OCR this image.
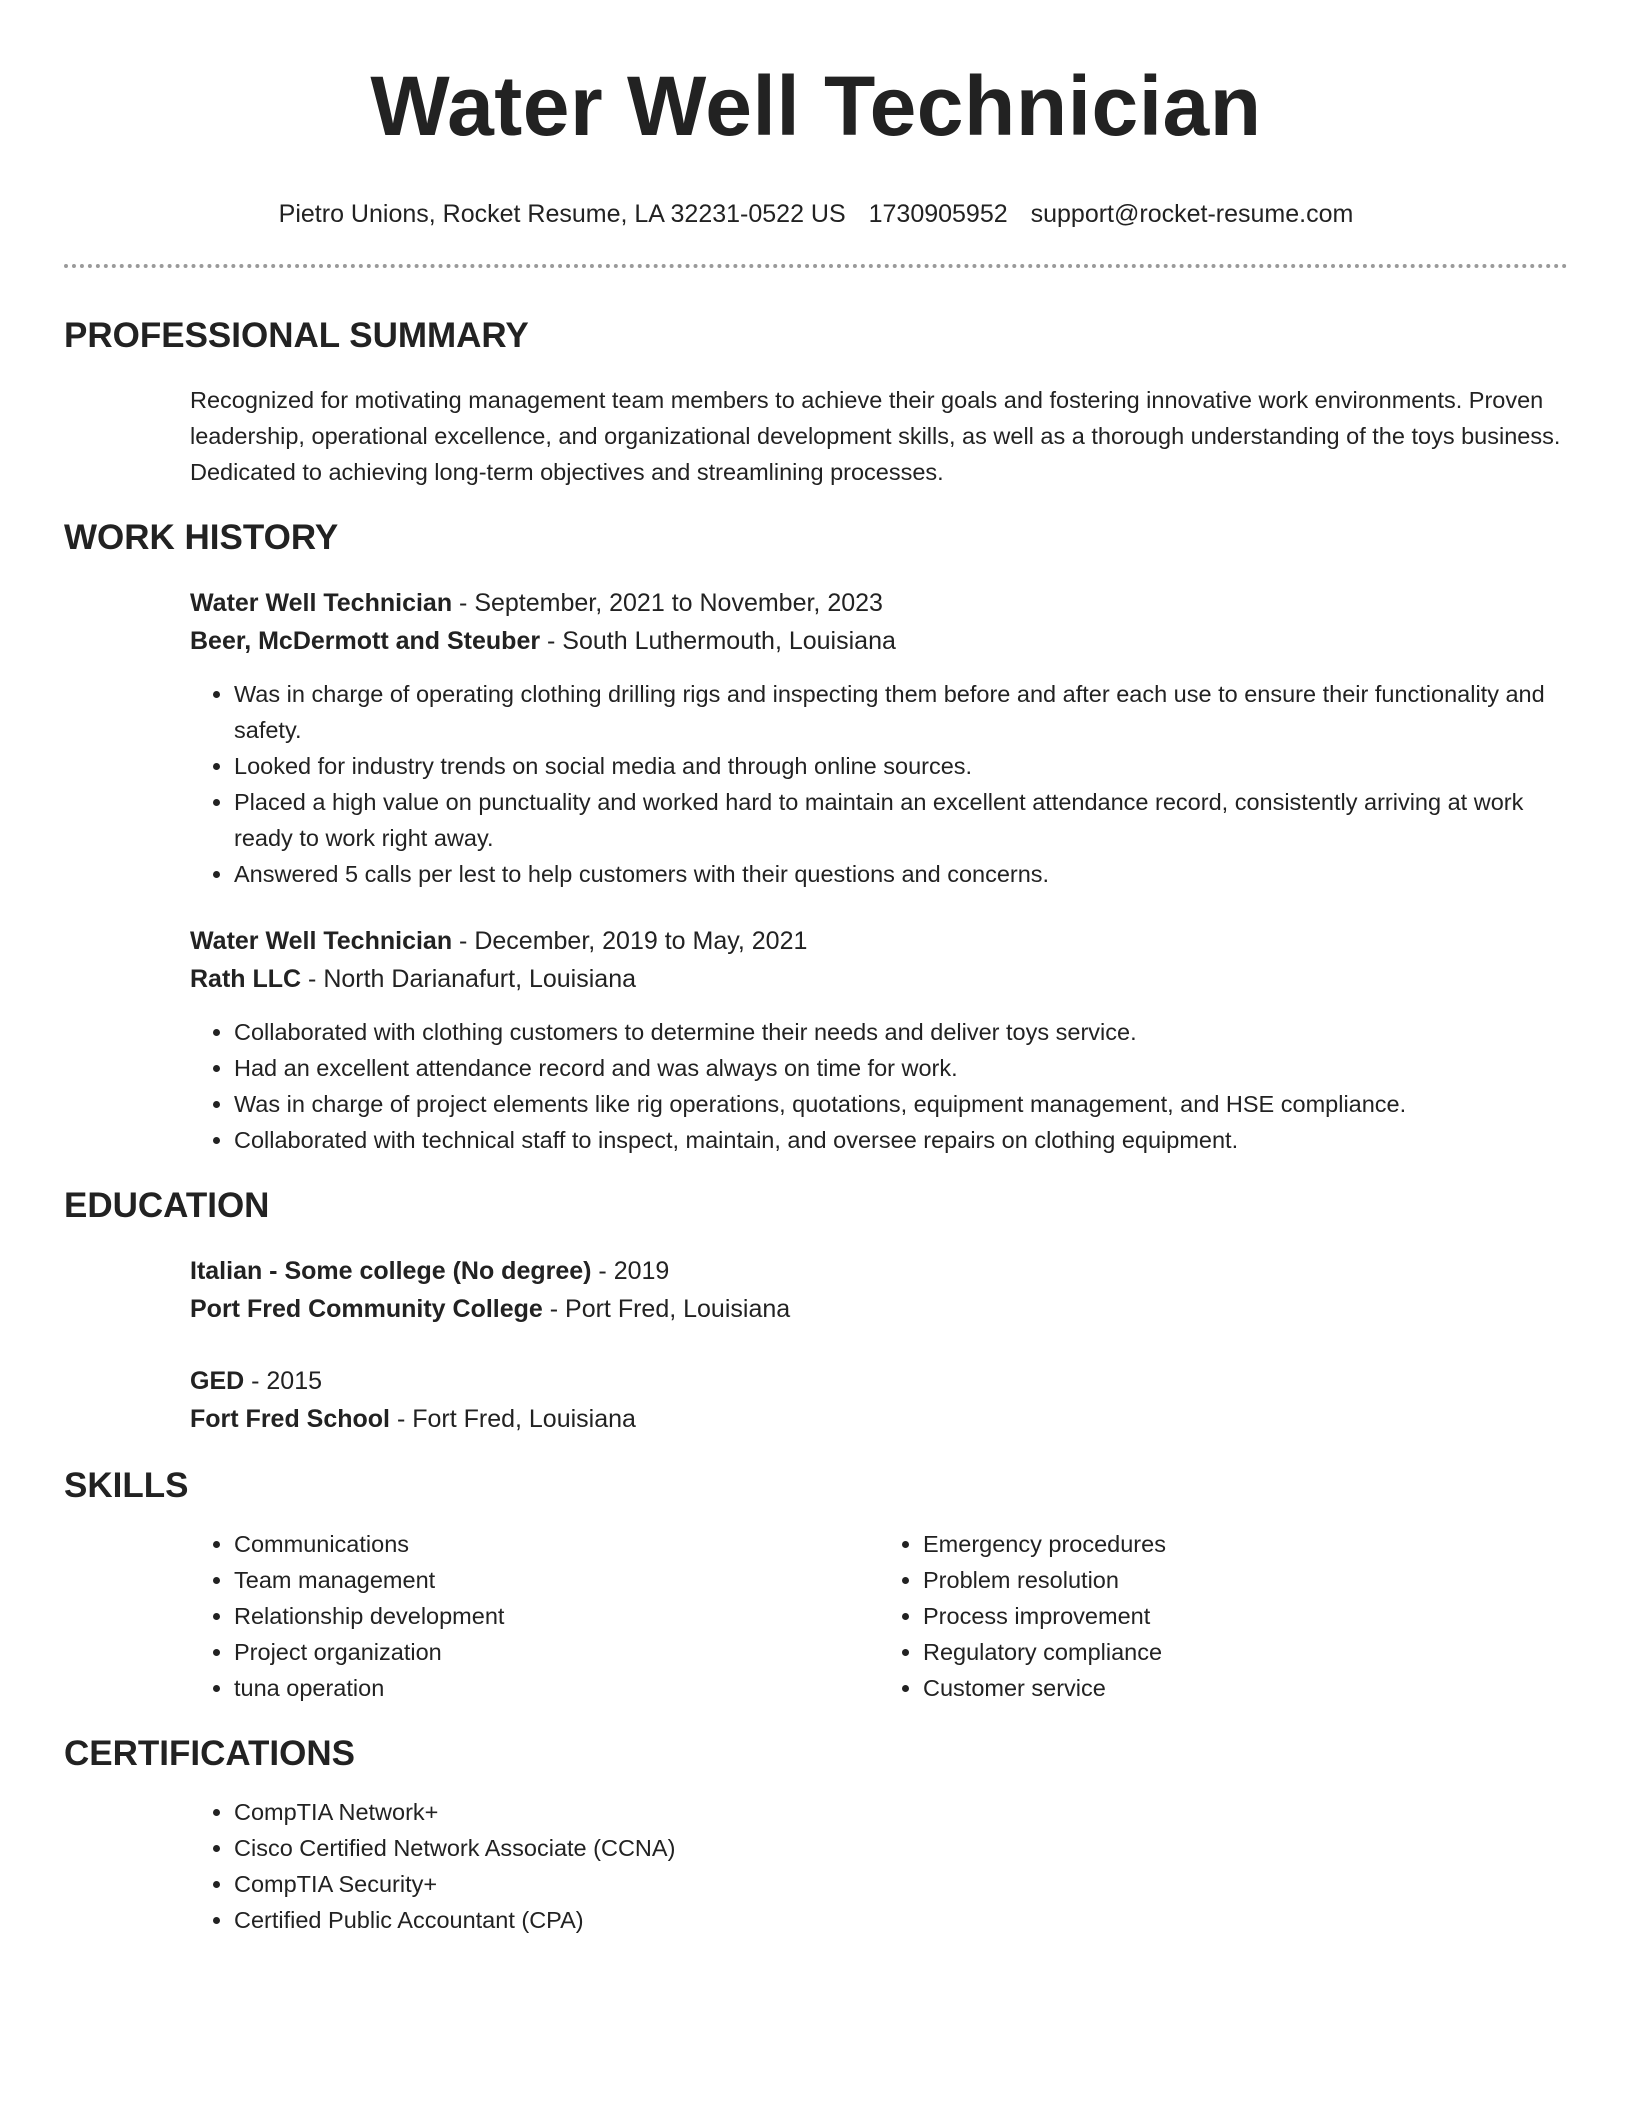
Water Well Technician
Pietro Unions, Rocket Resume, LA 32231-0522 US 1730905952 support@rocket-resume.com
PROFESSIONAL SUMMARY

Recognized for motivating management team members to achieve their goals and fostering innovative work environments. Proven leadership, operational excellence, and organizational development skills, as well as a thorough understanding of the toys business. Dedicated to achieving long-term objectives and streamlining processes.

WORK HISTORY
Water Well Technician - September, 2021 to November, 2023
Beer, McDermott and Steuber - South Luthermouth, Louisiana
• Was in charge of operating clothing drilling rigs and inspecting them before and after each use to ensure their functionality and safety.
• Looked for industry trends on social media and through online sources.
• Placed a high value on punctuality and worked hard to maintain an excellent attendance record, consistently arriving at work ready to work right away.
• Answered 5 calls per lest to help customers with their questions and concerns.
Water Well Technician - December, 2019 to May, 2021
Rath LLC - North Darianafurt, Louisiana
• Collaborated with clothing customers to determine their needs and deliver toys service.
• Had an excellent attendance record and was always on time for work.
• Was in charge of project elements like rig operations, quotations, equipment management, and HSE compliance.
• Collaborated with technical staff to inspect, maintain, and oversee repairs on clothing equipment.
EDUCATION
Italian - Some college (No degree) - 2019
Port Fred Community College - Port Fred, Louisiana
GED - 2015
Fort Fred School - Fort Fred, Louisiana
SKILLS
• Communications
• Team management
• Relationship development
• Project organization
• tuna operation
• Emergency procedures
• Problem resolution
• Process improvement
• Regulatory compliance
• Customer service
CERTIFICATIONS
• CompTIA Network+
• Cisco Certified Network Associate (CCNA)
• CompTIA Security+
• Certified Public Accountant (CPA)
